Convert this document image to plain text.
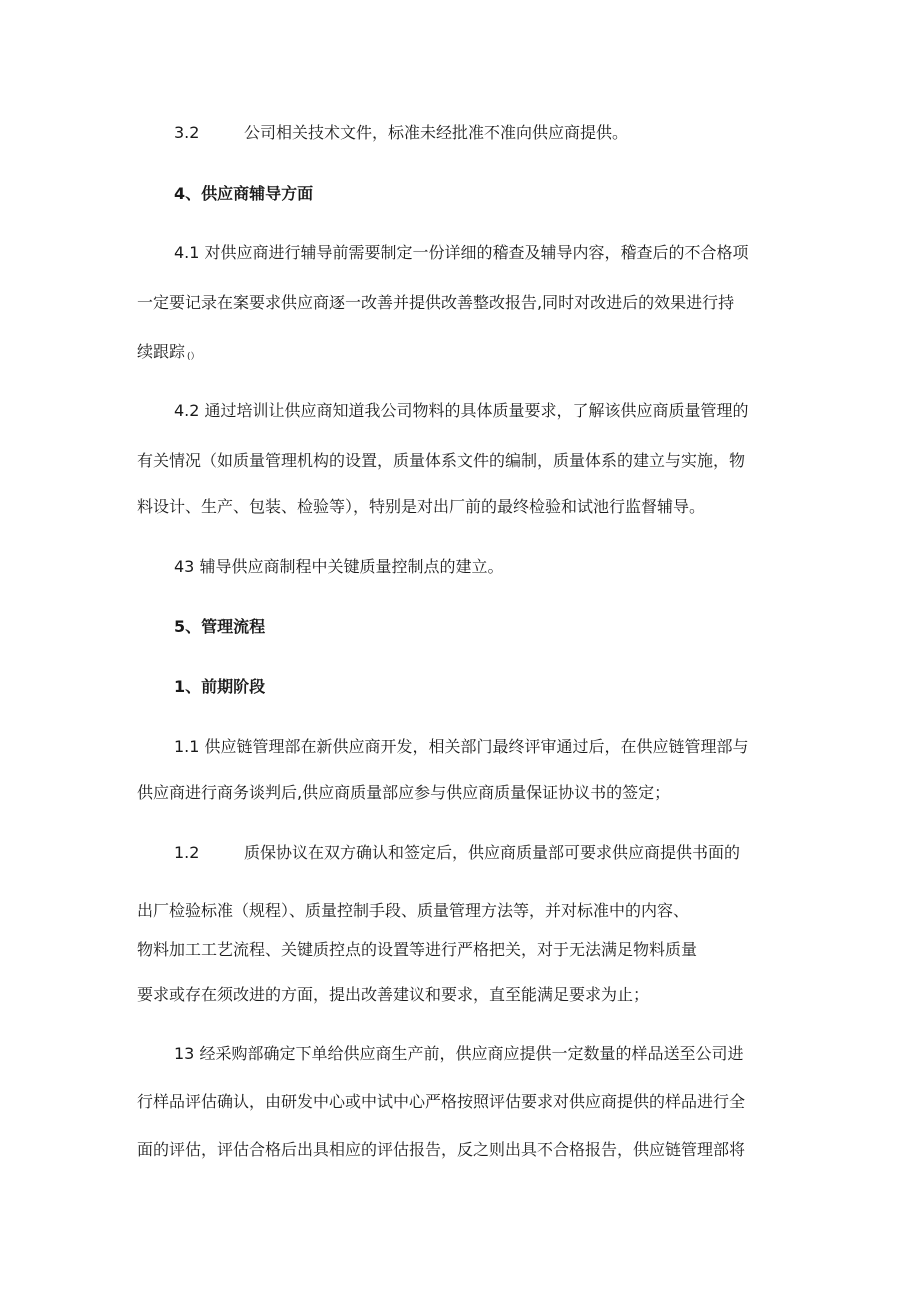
3.2	公司相关技术文件，标准未经批准不准向供应商提供。
4、供应商辅导方面
4.1 对供应商进行辅导前需要制定一份详细的稽查及辅导内容，稽查后的不合格项
一定要记录在案要求供应商逐一改善并提供改善整改报告,同时对改进后的效果进行持
续跟踪 (）
4.2 通过培训让供应商知道我公司物料的具体质量要求，了解该供应商质量管理的
有关情况（如质量管理机构的设置，质量体系文件的编制，质量体系的建立与实施，物
料设计、生产、包装、检验等），特别是对出厂前的最终检验和试池行监督辅导。
43 辅导供应商制程中关键质量控制点的建立。
5、管理流程
1、前期阶段
1.1 供应链管理部在新供应商开发，相关部门最终评审通过后，在供应链管理部与
供应商进行商务谈判后,供应商质量部应参与供应商质量保证协议书的签定；
1.2	质保协议在双方确认和签定后，供应商质量部可要求供应商提供书面的
出厂检验标准（规程）、质量控制手段、质量管理方法等，并对标准中的内容、
物料加工工艺流程、关键质控点的设置等进行严格把关，对于无法满足物料质量
要求或存在须改进的方面，提出改善建议和要求，直至能满足要求为止；
13 经采购部确定下单给供应商生产前，供应商应提供一定数量的样品送至公司进
行样品评估确认，由研发中心或中试中心严格按照评估要求对供应商提供的样品进行全
面的评估，评估合格后出具相应的评估报告，反之则出具不合格报告，供应链管理部将
